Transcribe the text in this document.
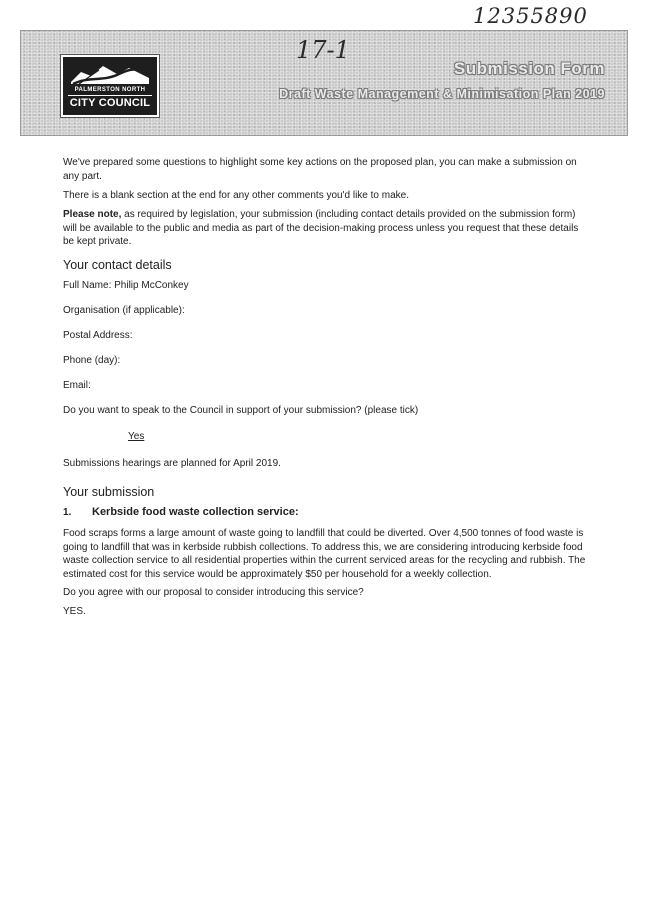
12355890
PALMERSTON NORTH
CITY COUNCIL
Submission Form
Draft Waste Management & Minimisation Plan 2019
17-1

We've prepared some questions to highlight some key actions on the proposed plan, you can make a submission on any part.

There is a blank section at the end for any other comments you'd like to make.

Please note, as required by legislation, your submission (including contact details provided on the submission form) will be available to the public and media as part of the decision-making process unless you request that these details be kept private.

Your contact details

Full Name: Philip McConkey

Organisation (if applicable):

Postal Address:

Phone (day):

Email:

Do you want to speak to the Council in support of your submission? (please tick)

Yes

Submissions hearings are planned for April 2019.

Your submission
1. Kerbside food waste collection service:

Food scraps forms a large amount of waste going to landfill that could be diverted. Over 4,500 tonnes of food waste is going to landfill that was in kerbside rubbish collections. To address this, we are considering introducing kerbside food waste collection service to all residential properties within the current serviced areas for the recycling and rubbish. The estimated cost for this service would be approximately $50 per household for a weekly collection.

Do you agree with our proposal to consider introducing this service?

YES.
